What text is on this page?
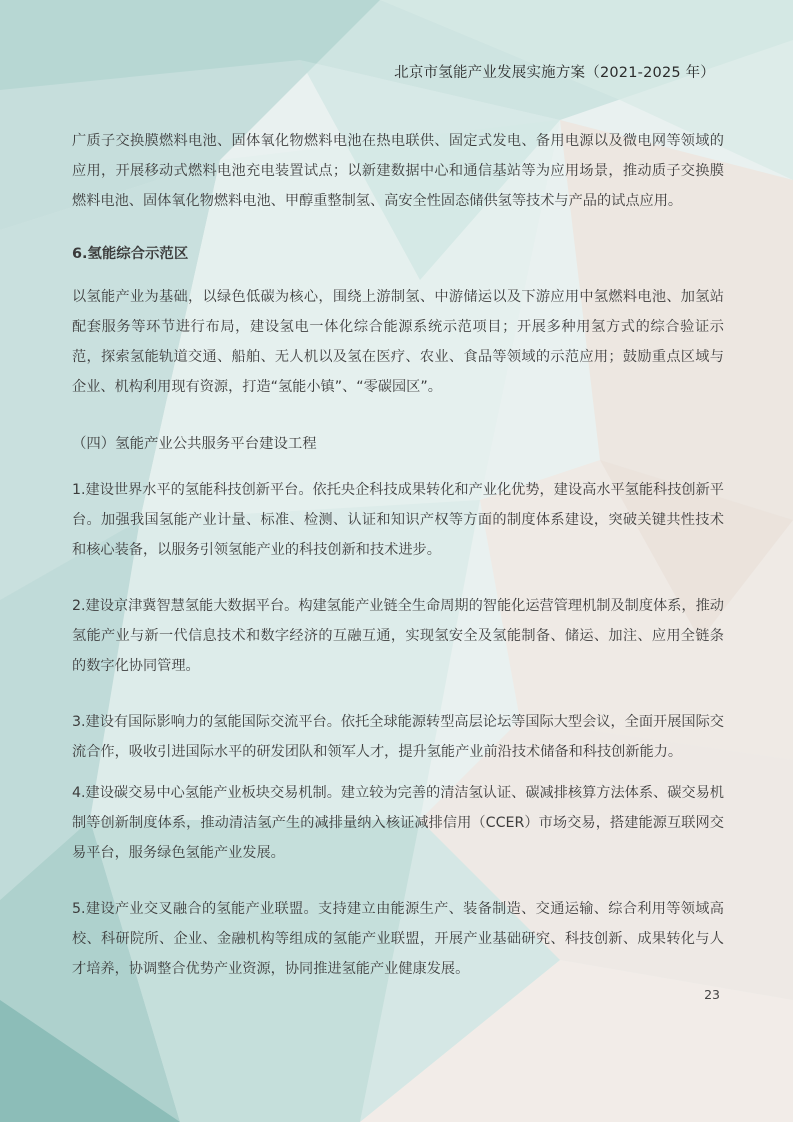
北京市氢能产业发展实施方案（2021-2025 年）

广质子交换膜燃料电池、固体氧化物燃料电池在热电联供、固定式发电、备用电源以及微电网等领域的应用，开展移动式燃料电池充电装置试点；以新建数据中心和通信基站等为应用场景，推动质子交换膜燃料电池、固体氧化物燃料电池、甲醇重整制氢、高安全性固态储供氢等技术与产品的试点应用。

6.氢能综合示范区

以氢能产业为基础，以绿色低碳为核心，围绕上游制氢、中游储运以及下游应用中氢燃料电池、加氢站配套服务等环节进行布局，建设氢电一体化综合能源系统示范项目；开展多种用氢方式的综合验证示范，探索氢能轨道交通、船舶、无人机以及氢在医疗、农业、食品等领域的示范应用；鼓励重点区域与企业、机构利用现有资源，打造“氢能小镇”、“零碳园区”。

（四）氢能产业公共服务平台建设工程

1.建设世界水平的氢能科技创新平台。依托央企科技成果转化和产业化优势，建设高水平氢能科技创新平台。加强我国氢能产业计量、标准、检测、认证和知识产权等方面的制度体系建设，突破关键共性技术和核心装备，以服务引领氢能产业的科技创新和技术进步。

2.建设京津冀智慧氢能大数据平台。构建氢能产业链全生命周期的智能化运营管理机制及制度体系，推动氢能产业与新一代信息技术和数字经济的互融互通，实现氢安全及氢能制备、储运、加注、应用全链条的数字化协同管理。

3.建设有国际影响力的氢能国际交流平台。依托全球能源转型高层论坛等国际大型会议，全面开展国际交流合作，吸收引进国际水平的研发团队和领军人才，提升氢能产业前沿技术储备和科技创新能力。

4.建设碳交易中心氢能产业板块交易机制。建立较为完善的清洁氢认证、碳减排核算方法体系、碳交易机制等创新制度体系，推动清洁氢产生的减排量纳入核证减排信用（CCER）市场交易，搭建能源互联网交易平台，服务绿色氢能产业发展。

5.建设产业交叉融合的氢能产业联盟。支持建立由能源生产、装备制造、交通运输、综合利用等领域高校、科研院所、企业、金融机构等组成的氢能产业联盟，开展产业基础研究、科技创新、成果转化与人才培养，协调整合优势产业资源，协同推进氢能产业健康发展。

23
